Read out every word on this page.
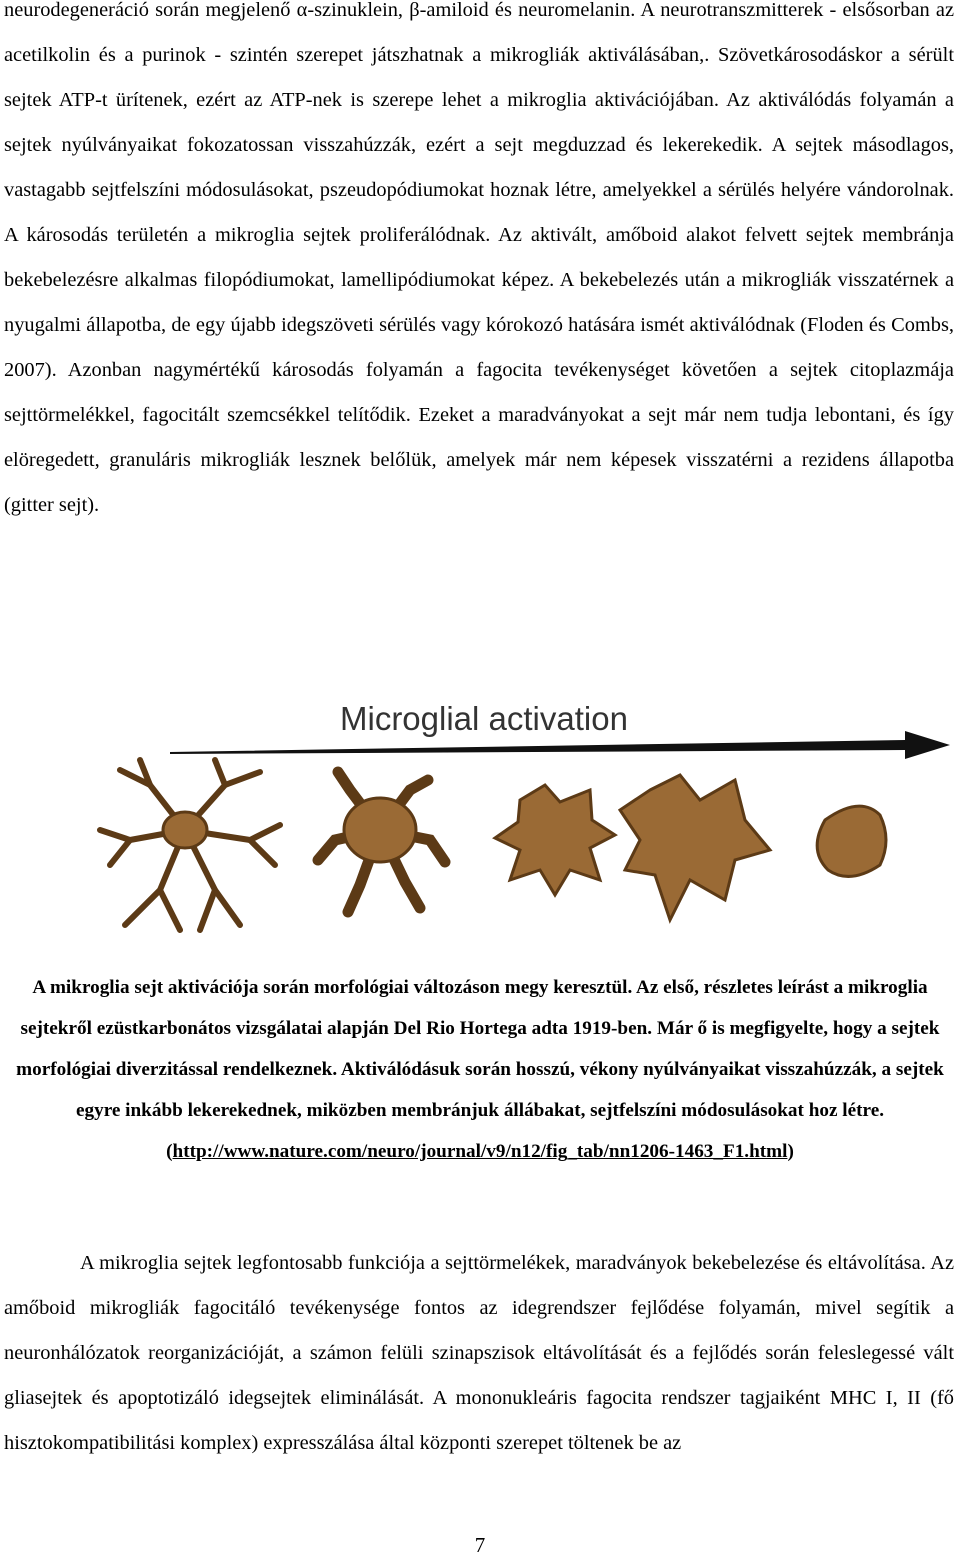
neurodegeneráció során megjelenő α-szinuklein, β-amiloid és neuromelanin. A neurotranszmitterek - elsősorban az acetilkolin és a purinok - szintén szerepet játszhatnak a mikrogliák aktiválásában,. Szövetkárosodáskor a sérült sejtek ATP-t ürítenek, ezért az ATP-nek is szerepe lehet a mikroglia aktivációjában. Az aktiválódás folyamán a sejtek nyúlványaikat fokozatossan visszahúzzák, ezért a sejt megduzzad és lekerekedik. A sejtek másodlagos, vastagabb sejtfelszíni módosulásokat, pszeudopódiumokat hoznak létre, amelyekkel a sérülés helyére vándorolnak. A károsodás területén a mikroglia sejtek proliferálódnak. Az aktivált, amőboid alakot felvett sejtek membránja bekebelezésre alkalmas filopódiumokat, lamellipódiumokat képez. A bekebelezés után a mikrogliák visszatérnek a nyugalmi állapotba, de egy újabb idegszöveti sérülés vagy kórokozó hatására ismét aktiválódnak (Floden és Combs, 2007). Azonban nagymértékű károsodás folyamán a fagocita tevékenységet követően a sejtek citoplazmája sejttörmelékkel, fagocitált szemcsékkel telítődik. Ezeket a maradványokat a sejt már nem tudja lebontani, és így elöregedett, granuláris mikrogliák lesznek belőlük, amelyek már nem képesek visszatérni a rezidens állapotba (gitter sejt).

Microglial activation

A mikroglia sejt aktivációja során morfológiai változáson megy keresztül. Az első, részletes leírást a mikroglia sejtekről ezüstkarbonátos vizsgálatai alapján Del Rio Hortega adta 1919-ben. Már ő is megfigyelte, hogy a sejtek morfológiai diverzitással rendelkeznek. Aktiválódásuk során hosszú, vékony nyúlványaikat visszahúzzák, a sejtek egyre inkább lekerekednek, miközben membránjuk állábakat, sejtfelszíni módosulásokat hoz létre. (http://www.nature.com/neuro/journal/v9/n12/fig_tab/nn1206-1463_F1.html)

A mikroglia sejtek legfontosabb funkciója a sejttörmelékek, maradványok bekebelezése és eltávolítása. Az amőboid mikrogliák fagocitáló tevékenysége fontos az idegrendszer fejlődése folyamán, mivel segítik a neuronhálózatok reorganizációját, a számon felüli szinapszisok eltávolítását és a fejlődés során feleslegessé vált gliasejtek és apoptotizáló idegsejtek eliminálását. A mononukleáris fagocita rendszer tagjaiként MHC I, II (fő hisztokompatibilitási komplex) expresszálása által központi szerepet töltenek be az

7
